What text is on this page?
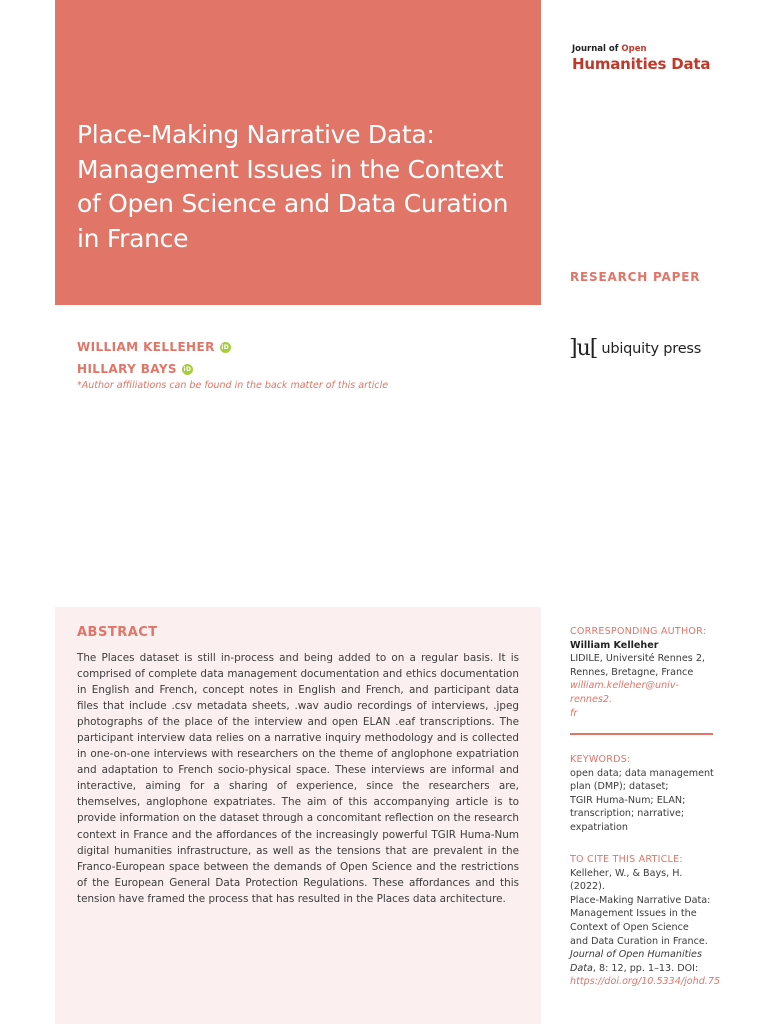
Place-Making Narrative Data: Management Issues in the Context of Open Science and Data Curation in France
Journal of Open
Humanities Data
RESEARCH PAPER
WILLIAM KELLEHER iD
HILLARY BAYS iD
*Author affiliations can be found in the back matter of this article
]u[ ubiquity press
ABSTRACT

The Places dataset is still in-process and being added to on a regular basis. It is comprised of complete data management documentation and ethics documentation in English and French, concept notes in English and French, and participant data files that include .csv metadata sheets, .wav audio recordings of interviews, .jpeg photographs of the place of the interview and open ELAN .eaf transcriptions. The participant interview data relies on a narrative inquiry methodology and is collected in one-on-one interviews with researchers on the theme of anglophone expatriation and adaptation to French socio-physical space. These interviews are informal and interactive, aiming for a sharing of experience, since the researchers are, themselves, anglophone expatriates. The aim of this accompanying article is to provide information on the dataset through a concomitant reflection on the research context in France and the affordances of the increasingly powerful TGIR Huma-Num digital humanities infrastructure, as well as the tensions that are prevalent in the Franco-European space between the demands of Open Science and the restrictions of the European General Data Protection Regulations. These affordances and this tension have framed the process that has resulted in the Places data architecture.

CORRESPONDING AUTHOR:

William Kelleher

LIDILE, Université Rennes 2,

Rennes, Bretagne, France

william.kelleher@univ-rennes2.

fr

KEYWORDS:

open data; data management

plan (DMP); dataset;

TGIR Huma-Num; ELAN;

transcription; narrative;

expatriation

TO CITE THIS ARTICLE:

Kelleher, W., & Bays, H. (2022).

Place-Making Narrative Data:

Management Issues in the

Context of Open Science

and Data Curation in France.

Journal of Open Humanities

Data, 8: 12, pp. 1–13. DOI:

https://doi.org/10.5334/johd.75
